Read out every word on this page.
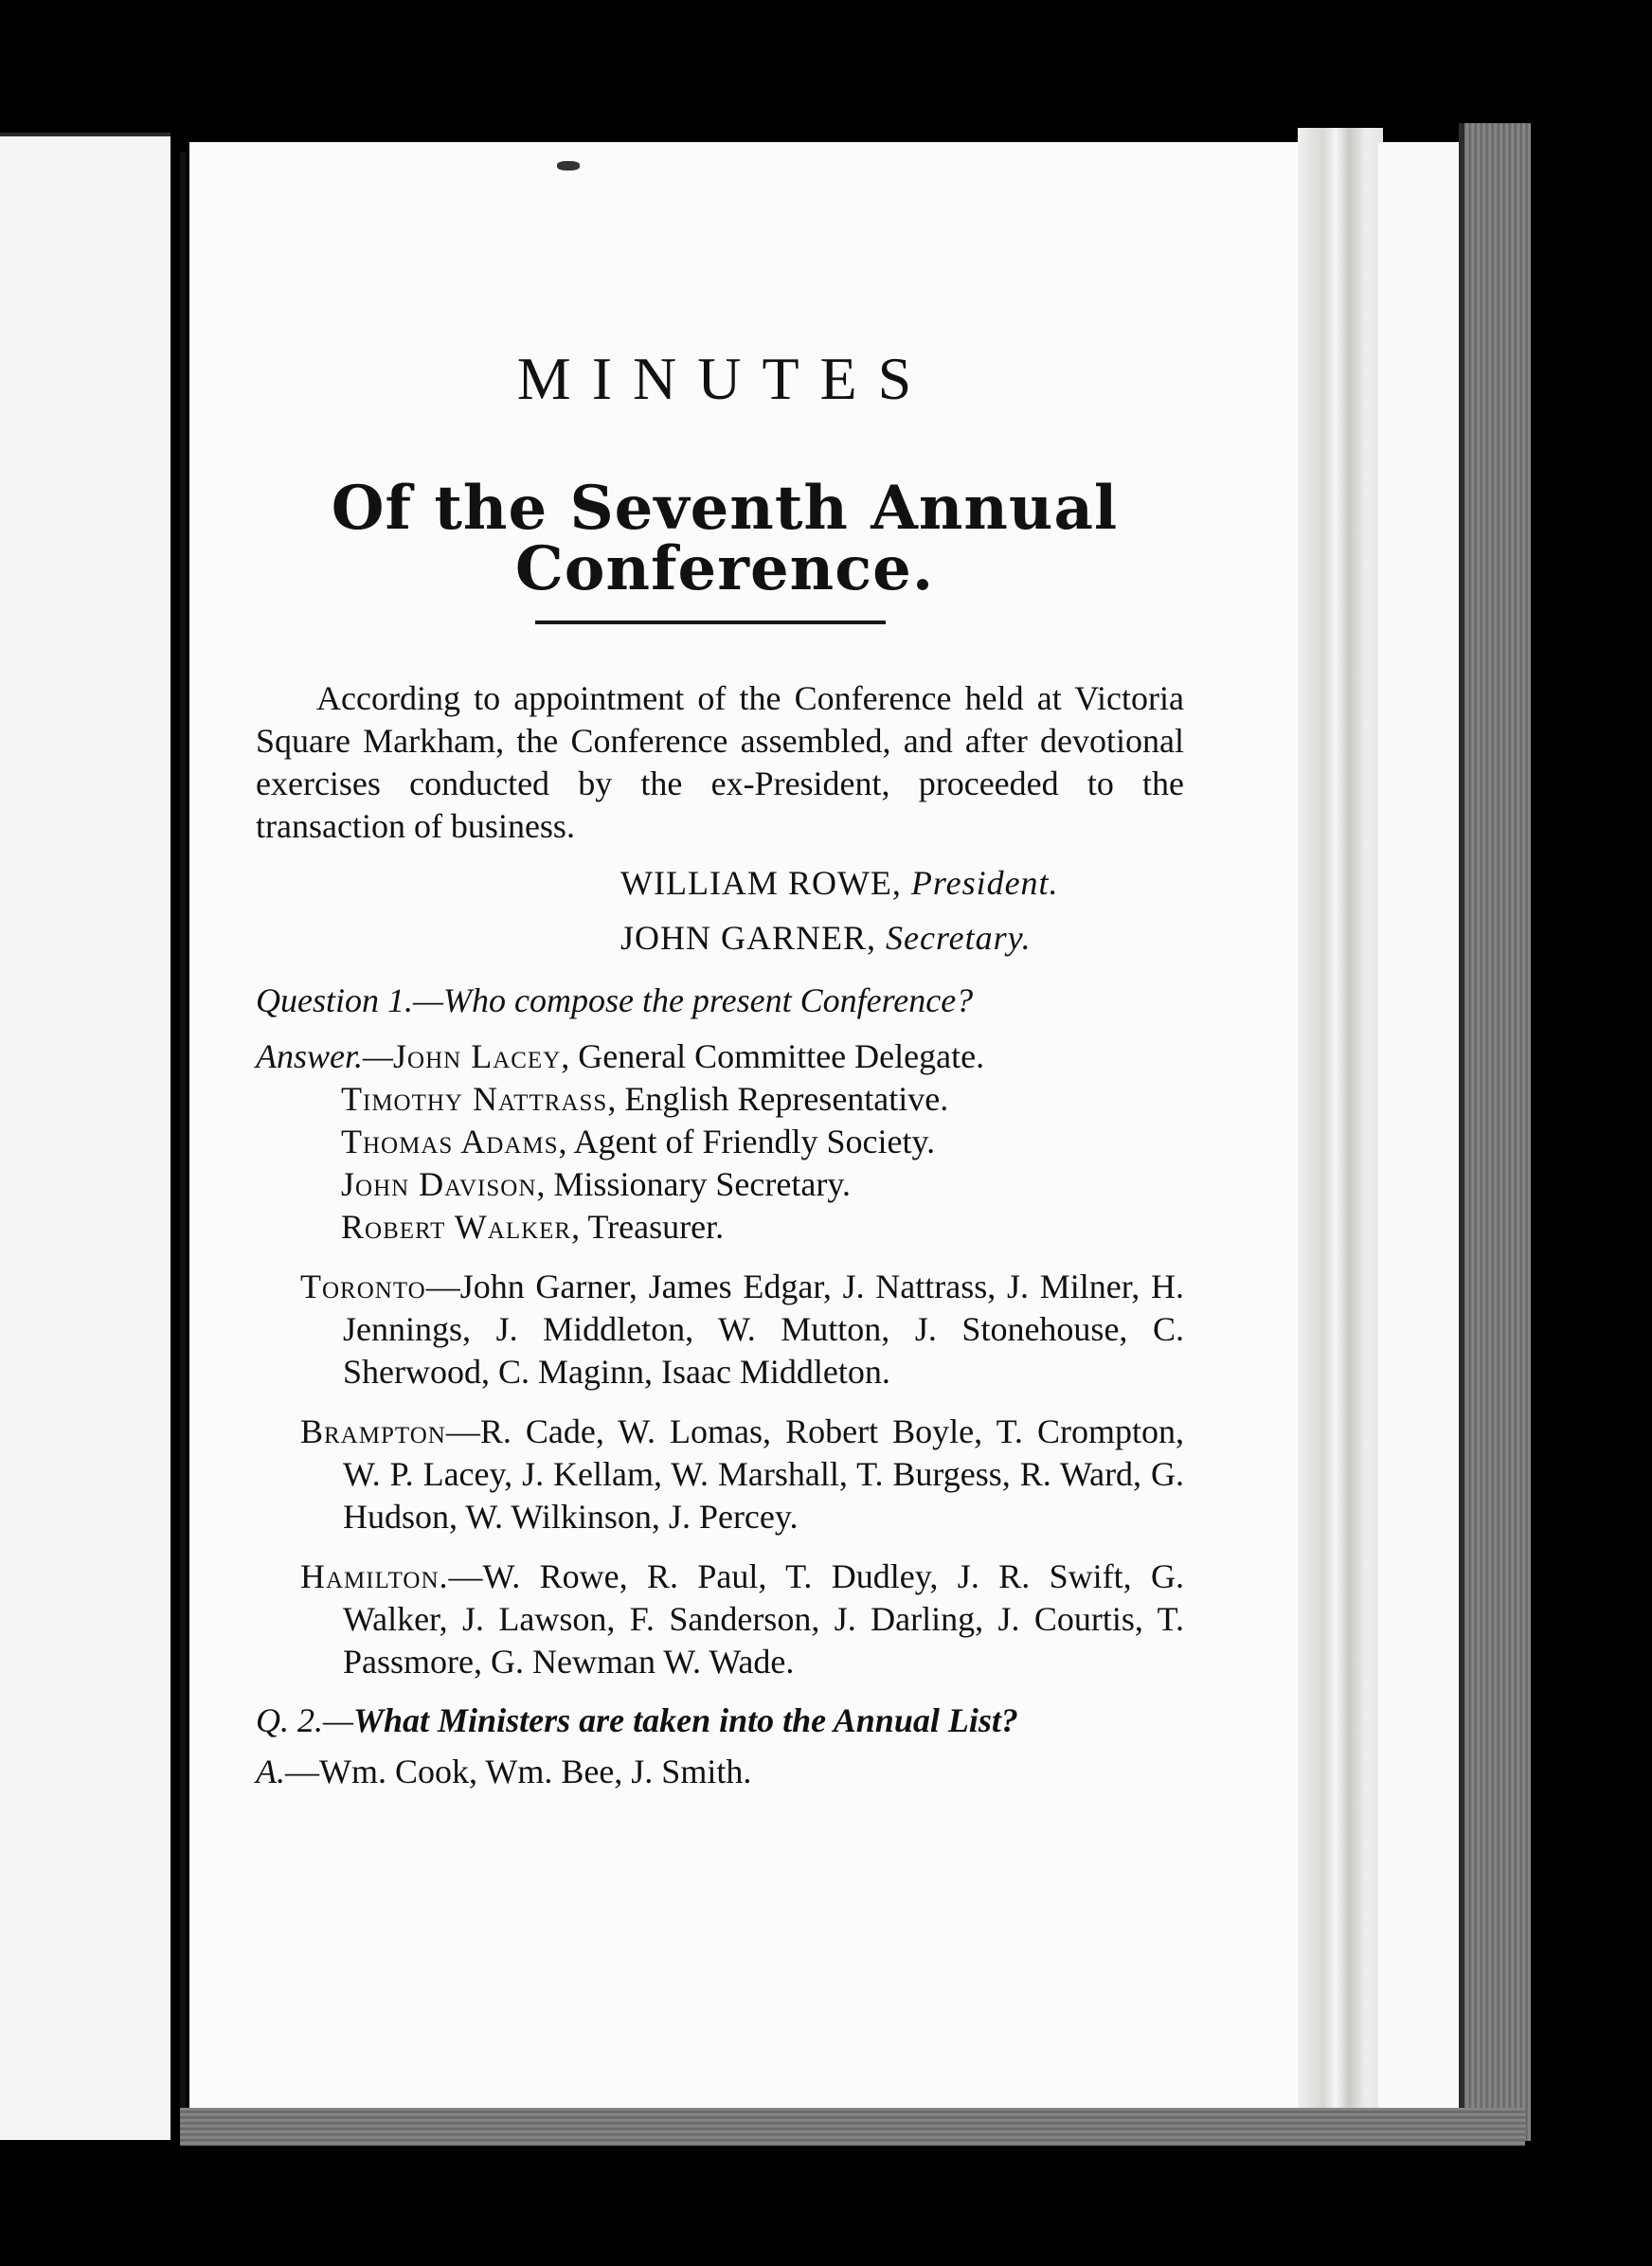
MINUTES
Of the Seventh Annual Conference.

According to appointment of the Conference held at Victoria Square Markham, the Conference assembled, and after devotional exercises conducted by the ex-President, proceeded to the transaction of business.

WILLIAM ROWE, President.
JOHN GARNER, Secretary.
Question 1.—Who compose the present Conference?
Answer.—John Lacey, General Committee Delegate.
Timothy Nattrass, English Representative.
Thomas Adams, Agent of Friendly Society.
John Davison, Missionary Secretary.
Robert Walker, Treasurer.
Toronto—John Garner, James Edgar, J. Nattrass, J. Milner, H. Jennings, J. Middleton, W. Mutton, J. Stonehouse, C. Sherwood, C. Maginn, Isaac Middleton.
Brampton—R. Cade, W. Lomas, Robert Boyle, T. Crompton, W. P. Lacey, J. Kellam, W. Marshall, T. Burgess, R. Ward, G. Hudson, W. Wilkinson, J. Percey.
Hamilton.—W. Rowe, R. Paul, T. Dudley, J. R. Swift, G. Walker, J. Lawson, F. Sanderson, J. Darling, J. Courtis, T. Passmore, G. Newman W. Wade.
Q. 2.—What Ministers are taken into the Annual List?
A.—Wm. Cook, Wm. Bee, J. Smith.
